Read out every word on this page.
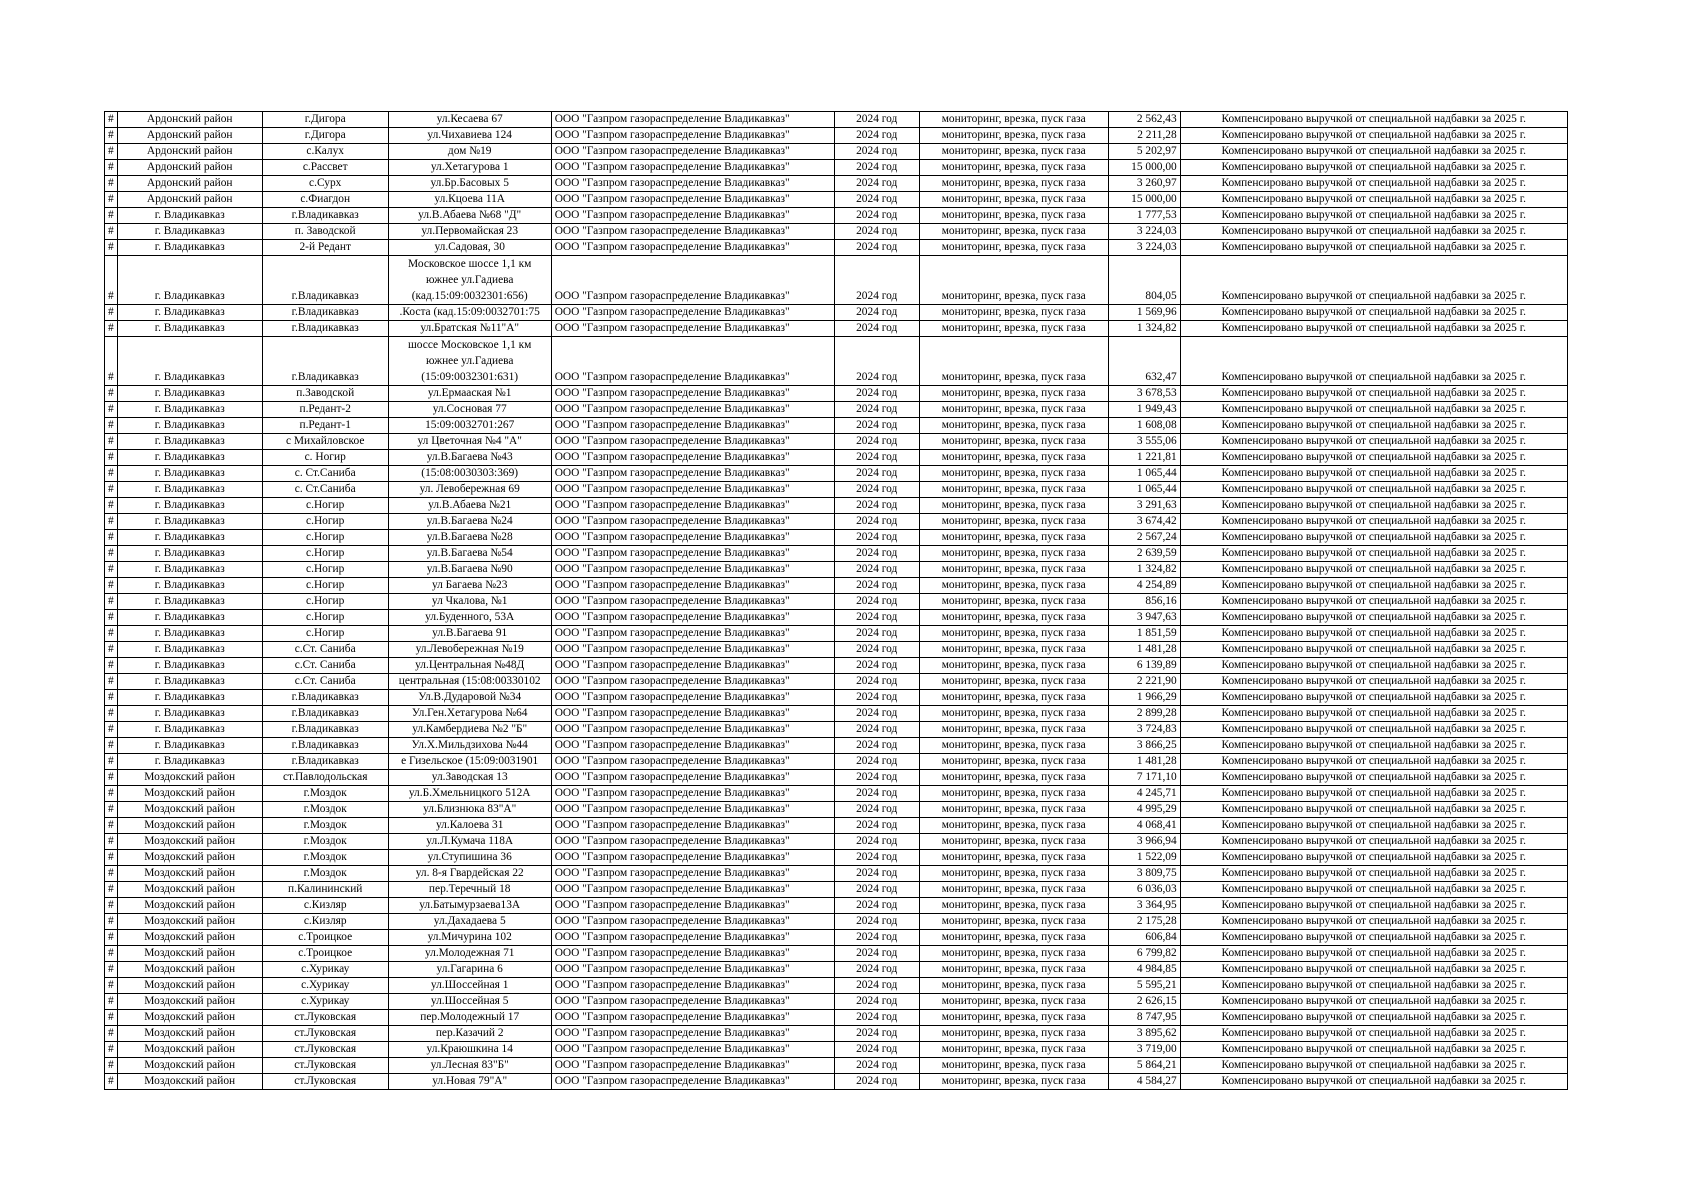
#	Ардонский район	г.Дигора	ул.Кесаева 67	ООО "Газпром газораспределение Владикавказ"	2024 год	мониторинг, врезка, пуск газа	2 562,43	Компенсировано выручкой от специальной надбавки за 2025 г.
#	Ардонский район	г.Дигора	ул.Чихавиева 124	ООО "Газпром газораспределение Владикавказ"	2024 год	мониторинг, врезка, пуск газа	2 211,28	Компенсировано выручкой от специальной надбавки за 2025 г.
#	Ардонский район	с.Калух	дом №19	ООО "Газпром газораспределение Владикавказ"	2024 год	мониторинг, врезка, пуск газа	5 202,97	Компенсировано выручкой от специальной надбавки за 2025 г.
#	Ардонский район	с.Рассвет	ул.Хетагурова 1	ООО "Газпром газораспределение Владикавказ"	2024 год	мониторинг, врезка, пуск газа	15 000,00	Компенсировано выручкой от специальной надбавки за 2025 г.
#	Ардонский район	с.Сурх	ул.Бр.Басовых 5	ООО "Газпром газораспределение Владикавказ"	2024 год	мониторинг, врезка, пуск газа	3 260,97	Компенсировано выручкой от специальной надбавки за 2025 г.
#	Ардонский район	с.Фиагдон	ул.Кцоева 11А	ООО "Газпром газораспределение Владикавказ"	2024 год	мониторинг, врезка, пуск газа	15 000,00	Компенсировано выручкой от специальной надбавки за 2025 г.
#	г. Владикавказ	г.Владикавказ	ул.В.Абаева №68 "Д"	ООО "Газпром газораспределение Владикавказ"	2024 год	мониторинг, врезка, пуск газа	1 777,53	Компенсировано выручкой от специальной надбавки за 2025 г.
#	г. Владикавказ	п. Заводской	ул.Первомайская 23	ООО "Газпром газораспределение Владикавказ"	2024 год	мониторинг, врезка, пуск газа	3 224,03	Компенсировано выручкой от специальной надбавки за 2025 г.
#	г. Владикавказ	2-й Редант	ул.Садовая, 30	ООО "Газпром газораспределение Владикавказ"	2024 год	мониторинг, врезка, пуск газа	3 224,03	Компенсировано выручкой от специальной надбавки за 2025 г.
#	г. Владикавказ	г.Владикавказ	Московское шоссе 1,1 км южнее ул.Гадиева (кад.15:09:0032301:656)	ООО "Газпром газораспределение Владикавказ"	2024 год	мониторинг, врезка, пуск газа	804,05	Компенсировано выручкой от специальной надбавки за 2025 г.
#	г. Владикавказ	г.Владикавказ	.Коста (кад.15:09:0032701:75	ООО "Газпром газораспределение Владикавказ"	2024 год	мониторинг, врезка, пуск газа	1 569,96	Компенсировано выручкой от специальной надбавки за 2025 г.
#	г. Владикавказ	г.Владикавказ	ул.Братская №11"А"	ООО "Газпром газораспределение Владикавказ"	2024 год	мониторинг, врезка, пуск газа	1 324,82	Компенсировано выручкой от специальной надбавки за 2025 г.
#	г. Владикавказ	г.Владикавказ	шоссе Московское 1,1 км южнее ул.Гадиева (15:09:0032301:631)	ООО "Газпром газораспределение Владикавказ"	2024 год	мониторинг, врезка, пуск газа	632,47	Компенсировано выручкой от специальной надбавки за 2025 г.
#	г. Владикавказ	п.Заводской	ул.Ермааская №1	ООО "Газпром газораспределение Владикавказ"	2024 год	мониторинг, врезка, пуск газа	3 678,53	Компенсировано выручкой от специальной надбавки за 2025 г.
#	г. Владикавказ	п.Редант-2	ул.Сосновая 77	ООО "Газпром газораспределение Владикавказ"	2024 год	мониторинг, врезка, пуск газа	1 949,43	Компенсировано выручкой от специальной надбавки за 2025 г.
#	г. Владикавказ	п.Редант-1	15:09:0032701:267	ООО "Газпром газораспределение Владикавказ"	2024 год	мониторинг, врезка, пуск газа	1 608,08	Компенсировано выручкой от специальной надбавки за 2025 г.
#	г. Владикавказ	с Михайловское	ул Цветочная №4 "А"	ООО "Газпром газораспределение Владикавказ"	2024 год	мониторинг, врезка, пуск газа	3 555,06	Компенсировано выручкой от специальной надбавки за 2025 г.
#	г. Владикавказ	с. Ногир	ул.В.Багаева №43	ООО "Газпром газораспределение Владикавказ"	2024 год	мониторинг, врезка, пуск газа	1 221,81	Компенсировано выручкой от специальной надбавки за 2025 г.
#	г. Владикавказ	с. Ст.Саниба	(15:08:0030303:369)	ООО "Газпром газораспределение Владикавказ"	2024 год	мониторинг, врезка, пуск газа	1 065,44	Компенсировано выручкой от специальной надбавки за 2025 г.
#	г. Владикавказ	с. Ст.Саниба	ул. Левобережная 69	ООО "Газпром газораспределение Владикавказ"	2024 год	мониторинг, врезка, пуск газа	1 065,44	Компенсировано выручкой от специальной надбавки за 2025 г.
#	г. Владикавказ	с.Ногир	ул.В.Абаева №21	ООО "Газпром газораспределение Владикавказ"	2024 год	мониторинг, врезка, пуск газа	3 291,63	Компенсировано выручкой от специальной надбавки за 2025 г.
#	г. Владикавказ	с.Ногир	ул.В.Багаева №24	ООО "Газпром газораспределение Владикавказ"	2024 год	мониторинг, врезка, пуск газа	3 674,42	Компенсировано выручкой от специальной надбавки за 2025 г.
#	г. Владикавказ	с.Ногир	ул.В.Багаева №28	ООО "Газпром газораспределение Владикавказ"	2024 год	мониторинг, врезка, пуск газа	2 567,24	Компенсировано выручкой от специальной надбавки за 2025 г.
#	г. Владикавказ	с.Ногир	ул.В.Багаева №54	ООО "Газпром газораспределение Владикавказ"	2024 год	мониторинг, врезка, пуск газа	2 639,59	Компенсировано выручкой от специальной надбавки за 2025 г.
#	г. Владикавказ	с.Ногир	ул.В.Багаева №90	ООО "Газпром газораспределение Владикавказ"	2024 год	мониторинг, врезка, пуск газа	1 324,82	Компенсировано выручкой от специальной надбавки за 2025 г.
#	г. Владикавказ	с.Ногир	ул Багаева №23	ООО "Газпром газораспределение Владикавказ"	2024 год	мониторинг, врезка, пуск газа	4 254,89	Компенсировано выручкой от специальной надбавки за 2025 г.
#	г. Владикавказ	с.Ногир	ул Чкалова, №1	ООО "Газпром газораспределение Владикавказ"	2024 год	мониторинг, врезка, пуск газа	856,16	Компенсировано выручкой от специальной надбавки за 2025 г.
#	г. Владикавказ	с.Ногир	ул.Буденного, 53А	ООО "Газпром газораспределение Владикавказ"	2024 год	мониторинг, врезка, пуск газа	3 947,63	Компенсировано выручкой от специальной надбавки за 2025 г.
#	г. Владикавказ	с.Ногир	ул.В.Багаева 91	ООО "Газпром газораспределение Владикавказ"	2024 год	мониторинг, врезка, пуск газа	1 851,59	Компенсировано выручкой от специальной надбавки за 2025 г.
#	г. Владикавказ	с.Ст. Саниба	ул.Левобережная №19	ООО "Газпром газораспределение Владикавказ"	2024 год	мониторинг, врезка, пуск газа	1 481,28	Компенсировано выручкой от специальной надбавки за 2025 г.
#	г. Владикавказ	с.Ст. Саниба	ул.Центральная №48Д	ООО "Газпром газораспределение Владикавказ"	2024 год	мониторинг, врезка, пуск газа	6 139,89	Компенсировано выручкой от специальной надбавки за 2025 г.
#	г. Владикавказ	с.Ст. Саниба	центральная (15:08:00330102	ООО "Газпром газораспределение Владикавказ"	2024 год	мониторинг, врезка, пуск газа	2 221,90	Компенсировано выручкой от специальной надбавки за 2025 г.
#	г. Владикавказ	г.Владикавказ	Ул.В.Дударовой №34	ООО "Газпром газораспределение Владикавказ"	2024 год	мониторинг, врезка, пуск газа	1 966,29	Компенсировано выручкой от специальной надбавки за 2025 г.
#	г. Владикавказ	г.Владикавказ	Ул.Ген.Хетагурова №64	ООО "Газпром газораспределение Владикавказ"	2024 год	мониторинг, врезка, пуск газа	2 899,28	Компенсировано выручкой от специальной надбавки за 2025 г.
#	г. Владикавказ	г.Владикавказ	ул.Камбердиева №2 "Б"	ООО "Газпром газораспределение Владикавказ"	2024 год	мониторинг, врезка, пуск газа	3 724,83	Компенсировано выручкой от специальной надбавки за 2025 г.
#	г. Владикавказ	г.Владикавказ	Ул.Х.Мильдзихова №44	ООО "Газпром газораспределение Владикавказ"	2024 год	мониторинг, врезка, пуск газа	3 866,25	Компенсировано выручкой от специальной надбавки за 2025 г.
#	г. Владикавказ	г.Владикавказ	е Гизельское (15:09:0031901	ООО "Газпром газораспределение Владикавказ"	2024 год	мониторинг, врезка, пуск газа	1 481,28	Компенсировано выручкой от специальной надбавки за 2025 г.
#	Моздокский район	ст.Павлодольская	ул.Заводская 13	ООО "Газпром газораспределение Владикавказ"	2024 год	мониторинг, врезка, пуск газа	7 171,10	Компенсировано выручкой от специальной надбавки за 2025 г.
#	Моздокский район	г.Моздок	ул.Б.Хмельницкого 512А	ООО "Газпром газораспределение Владикавказ"	2024 год	мониторинг, врезка, пуск газа	4 245,71	Компенсировано выручкой от специальной надбавки за 2025 г.
#	Моздокский район	г.Моздок	ул.Близнюка 83"А"	ООО "Газпром газораспределение Владикавказ"	2024 год	мониторинг, врезка, пуск газа	4 995,29	Компенсировано выручкой от специальной надбавки за 2025 г.
#	Моздокский район	г.Моздок	ул.Калоева 31	ООО "Газпром газораспределение Владикавказ"	2024 год	мониторинг, врезка, пуск газа	4 068,41	Компенсировано выручкой от специальной надбавки за 2025 г.
#	Моздокский район	г.Моздок	ул.Л.Кумача 118А	ООО "Газпром газораспределение Владикавказ"	2024 год	мониторинг, врезка, пуск газа	3 966,94	Компенсировано выручкой от специальной надбавки за 2025 г.
#	Моздокский район	г.Моздок	ул.Ступишина 36	ООО "Газпром газораспределение Владикавказ"	2024 год	мониторинг, врезка, пуск газа	1 522,09	Компенсировано выручкой от специальной надбавки за 2025 г.
#	Моздокский район	г.Моздок	ул. 8-я Гвардейская 22	ООО "Газпром газораспределение Владикавказ"	2024 год	мониторинг, врезка, пуск газа	3 809,75	Компенсировано выручкой от специальной надбавки за 2025 г.
#	Моздокский район	п.Калининский	пер.Теречный 18	ООО "Газпром газораспределение Владикавказ"	2024 год	мониторинг, врезка, пуск газа	6 036,03	Компенсировано выручкой от специальной надбавки за 2025 г.
#	Моздокский район	с.Кизляр	ул.Батымурзаева13А	ООО "Газпром газораспределение Владикавказ"	2024 год	мониторинг, врезка, пуск газа	3 364,95	Компенсировано выручкой от специальной надбавки за 2025 г.
#	Моздокский район	с.Кизляр	ул.Дахадаева 5	ООО "Газпром газораспределение Владикавказ"	2024 год	мониторинг, врезка, пуск газа	2 175,28	Компенсировано выручкой от специальной надбавки за 2025 г.
#	Моздокский район	с.Троицкое	ул.Мичурина 102	ООО "Газпром газораспределение Владикавказ"	2024 год	мониторинг, врезка, пуск газа	606,84	Компенсировано выручкой от специальной надбавки за 2025 г.
#	Моздокский район	с.Троицкое	ул.Молодежная 71	ООО "Газпром газораспределение Владикавказ"	2024 год	мониторинг, врезка, пуск газа	6 799,82	Компенсировано выручкой от специальной надбавки за 2025 г.
#	Моздокский район	с.Хурикау	ул.Гагарина 6	ООО "Газпром газораспределение Владикавказ"	2024 год	мониторинг, врезка, пуск газа	4 984,85	Компенсировано выручкой от специальной надбавки за 2025 г.
#	Моздокский район	с.Хурикау	ул.Шоссейная 1	ООО "Газпром газораспределение Владикавказ"	2024 год	мониторинг, врезка, пуск газа	5 595,21	Компенсировано выручкой от специальной надбавки за 2025 г.
#	Моздокский район	с.Хурикау	ул.Шоссейная 5	ООО "Газпром газораспределение Владикавказ"	2024 год	мониторинг, врезка, пуск газа	2 626,15	Компенсировано выручкой от специальной надбавки за 2025 г.
#	Моздокский район	ст.Луковская	пер.Молодежный 17	ООО "Газпром газораспределение Владикавказ"	2024 год	мониторинг, врезка, пуск газа	8 747,95	Компенсировано выручкой от специальной надбавки за 2025 г.
#	Моздокский район	ст.Луковская	пер.Казачий 2	ООО "Газпром газораспределение Владикавказ"	2024 год	мониторинг, врезка, пуск газа	3 895,62	Компенсировано выручкой от специальной надбавки за 2025 г.
#	Моздокский район	ст.Луковская	ул.Краюшкина 14	ООО "Газпром газораспределение Владикавказ"	2024 год	мониторинг, врезка, пуск газа	3 719,00	Компенсировано выручкой от специальной надбавки за 2025 г.
#	Моздокский район	ст.Луковская	ул.Лесная 83"Б"	ООО "Газпром газораспределение Владикавказ"	2024 год	мониторинг, врезка, пуск газа	5 864,21	Компенсировано выручкой от специальной надбавки за 2025 г.
#	Моздокский район	ст.Луковская	ул.Новая 79"А"	ООО "Газпром газораспределение Владикавказ"	2024 год	мониторинг, врезка, пуск газа	4 584,27	Компенсировано выручкой от специальной надбавки за 2025 г.
